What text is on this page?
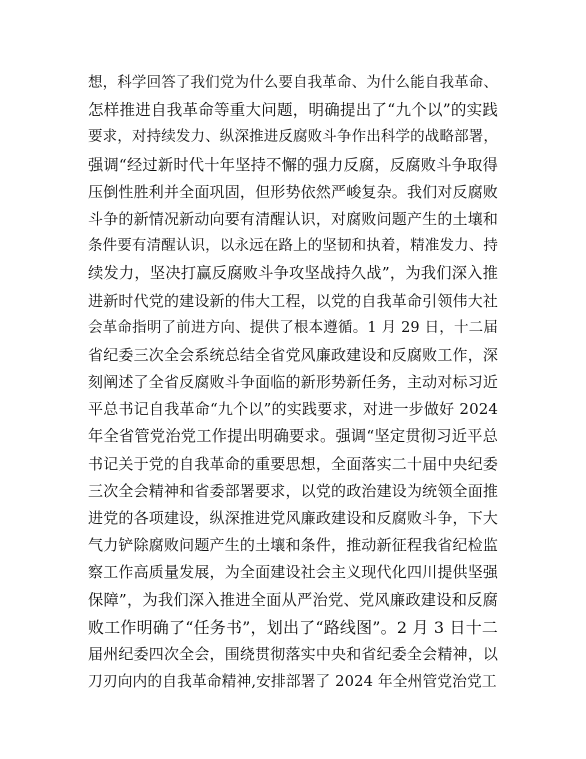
想，科学回答了我们党为什么要自我革命、为什么能自我革命、
怎样推进自我革命等重大问题，明确提出了“九个以”的实践
要求，对持续发力、纵深推进反腐败斗争作出科学的战略部署，
强调“经过新时代十年坚持不懈的强力反腐，反腐败斗争取得
压倒性胜利并全面巩固，但形势依然严峻复杂。我们对反腐败
斗争的新情况新动向要有清醒认识，对腐败问题产生的土壤和
条件要有清醒认识，以永远在路上的坚韧和执着，精准发力、持
续发力，坚决打赢反腐败斗争攻坚战持久战”，为我们深入推
进新时代党的建设新的伟大工程，以党的自我革命引领伟大社
会革命指明了前进方向、提供了根本遵循。1 月 29 日，十二届
省纪委三次全会系统总结全省党风廉政建设和反腐败工作，深
刻阐述了全省反腐败斗争面临的新形势新任务，主动对标习近
平总书记自我革命“九个以”的实践要求，对进一步做好 2024
年全省管党治党工作提出明确要求。强调“坚定贯彻习近平总
书记关于党的自我革命的重要思想，全面落实二十届中央纪委
三次全会精神和省委部署要求，以党的政治建设为统领全面推
进党的各项建设，纵深推进党风廉政建设和反腐败斗争，下大
气力铲除腐败问题产生的土壤和条件，推动新征程我省纪检监
察工作高质量发展，为全面建设社会主义现代化四川提供坚强
保障”，为我们深入推进全面从严治党、党风廉政建设和反腐
败工作明确了“任务书”，划出了“路线图”。2 月 3 日十二
届州纪委四次全会，围绕贯彻落实中央和省纪委全会精神，以
刀刃向内的自我革命精神,安排部署了 2024 年全州管党治党工
